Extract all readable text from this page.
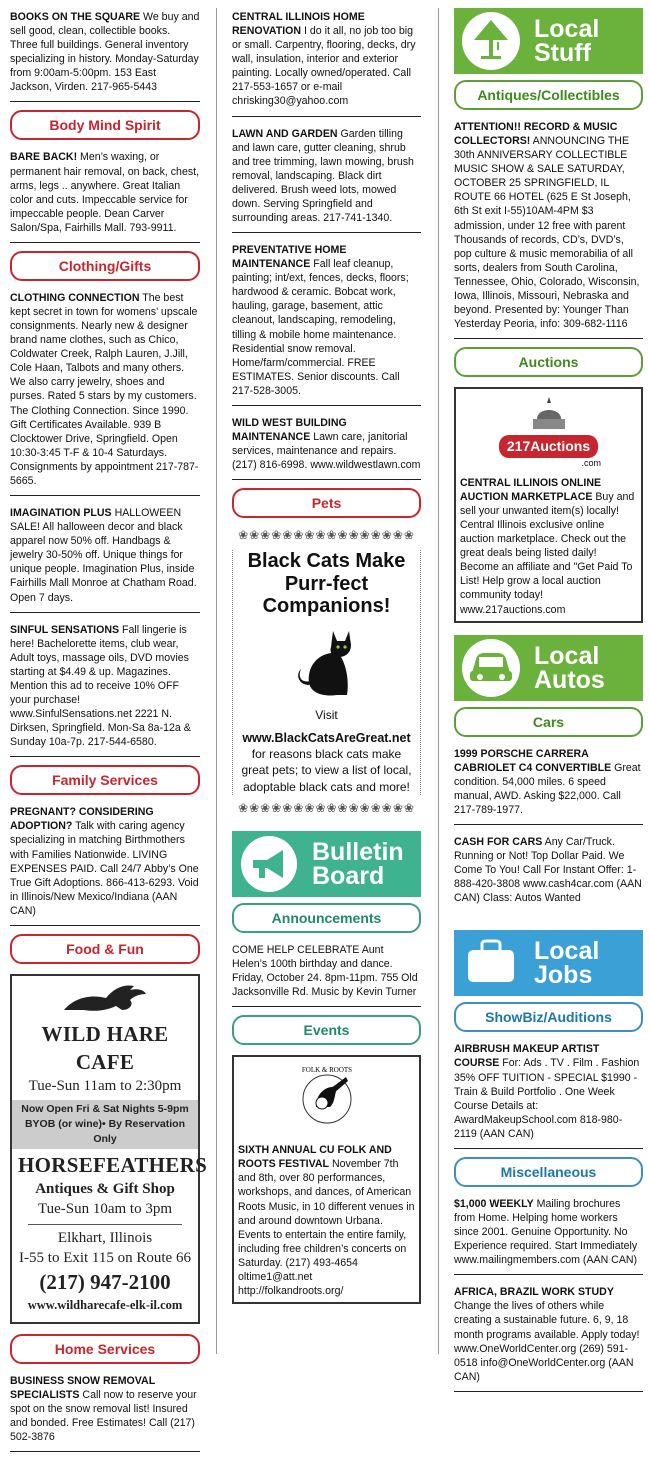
BOOKS ON THE SQUARE We buy and sell good, clean, collectible books. Three full buildings. General inventory specializing in history. Monday-Saturday from 9:00am-5:00pm. 153 East Jackson, Virden. 217-965-5443

Body Mind Spirit

BARE BACK! Men’s waxing, or permanent hair removal, on back, chest, arms, legs .. anywhere. Great Italian color and cuts. Impeccable service for impeccable people. Dean Carver Salon/Spa, Fairhills Mall. 793-9911.

Clothing/Gifts

CLOTHING CONNECTION The best kept secret in town for womens’ upscale consignments. Nearly new & designer brand name clothes, such as Chico, Coldwater Creek, Ralph Lauren, J.Jill, Cole Haan, Talbots and many others. We also carry jewelry, shoes and purses. Rated 5 stars by my customers. The Clothing Connection. Since 1990. Gift Certificates Available. 939 B Clocktower Drive, Springfield. Open 10:30-3:45 T-F & 10-4 Saturdays. Consignments by appointment 217-787-5665.

IMAGINATION PLUS HALLOWEEN SALE! All halloween decor and black apparel now 50% off. Handbags & jewelry 30-50% off. Unique things for unique people. Imagination Plus, inside Fairhills Mall Monroe at Chatham Road. Open 7 days.

SINFUL SENSATIONS Fall lingerie is here! Bachelorette items, club wear, Adult toys, massage oils, DVD movies starting at $4.49 & up. Magazines. Mention this ad to receive 10% OFF your purchase! www.SinfulSensations.net 2221 N. Dirksen, Springfield. Mon-Sa 8a-12a & Sunday 10a-7p. 217-544-6580.

Family Services

PREGNANT? CONSIDERING ADOPTION? Talk with caring agency specializing in matching Birthmothers with Families Nationwide. LIVING EXPENSES PAID. Call 24/7 Abby’s One True Gift Adoptions. 866-413-6293. Void in Illinois/New Mexico/Indiana (AAN CAN)

Food & Fun
WILD HARE CAFE
Tue-Sun 11am to 2:30pm
Now Open Fri & Sat Nights 5-9pm
BYOB (or wine)• By Reservation Only
HORSEFEATHERS
Antiques & Gift Shop
Tue-Sun 10am to 3pm
Elkhart, Illinois
I-55 to Exit 115 on Route 66
(217) 947-2100
www.wildharecafe-elk-il.com
Home Services

BUSINESS SNOW REMOVAL SPECIALISTS Call now to reserve your spot on the snow removal list! Insured and bonded. Free Estimates! Call (217) 502-3876

CENTRAL ILLINOIS HOME RENOVATION I do it all, no job too big or small. Carpentry, flooring, decks, dry wall, insulation, interior and exterior painting. Locally owned/operated. Call 217-553-1657 or e-mail chrisking30@yahoo.com

LAWN AND GARDEN Garden tilling and lawn care, gutter cleaning, shrub and tree trimming, lawn mowing, brush removal, landscaping. Black dirt delivered. Brush weed lots, mowed down. Serving Springfield and surrounding areas. 217-741-1340.

PREVENTATIVE HOME MAINTENANCE Fall leaf cleanup, painting; int/ext, fences, decks, floors; hardwood & ceramic. Bobcat work, hauling, garage, basement, attic cleanout, landscaping, remodeling, tilling & mobile home maintenance. Residential snow removal. Home/farm/commercial. FREE ESTIMATES. Senior discounts. Call 217-528-3005.

WILD WEST BUILDING MAINTENANCE Lawn care, janitorial services, maintenance and repairs. (217) 816-6998. www.wildwestlawn.com

Pets
❀❀❀❀❀❀❀❀❀❀❀❀❀❀❀❀
Black Cats Make Purr-fect Companions!
Visit
www.BlackCatsAreGreat.net
for reasons black cats make great pets; to view a list of local, adoptable black cats and more!
❀❀❀❀❀❀❀❀❀❀❀❀❀❀❀❀
Bulletin Board
Announcements

COME HELP CELEBRATE Aunt Helen’s 100th birthday and dance. Friday, October 24. 8pm-11pm. 755 Old Jacksonville Rd. Music by Kevin Turner

Events
FOLK & ROOTS

SIXTH ANNUAL CU FOLK AND ROOTS FESTIVAL November 7th and 8th, over 80 performances, workshops, and dances, of American Roots Music, in 10 different venues in and around downtown Urbana. Events to entertain the entire family, including free children’s concerts on Saturday. (217) 493-4654 oltime1@att.net http://folkandroots.org/

Local Stuff
Antiques/Collectibles

ATTENTION!! RECORD & MUSIC COLLECTORS! ANNOUNCING THE 30th ANNIVERSARY COLLECTIBLE MUSIC SHOW & SALE SATURDAY, OCTOBER 25 SPRINGFIELD, IL ROUTE 66 HOTEL (625 E St Joseph, 6th St exit I-55)10AM-4PM $3 admission, under 12 free with parent Thousands of records, CD’s, DVD’s, pop culture & music memorabilia of all sorts, dealers from South Carolina, Tennessee, Ohio, Colorado, Wisconsin, Iowa, Illinois, Missouri, Nebraska and beyond. Presented by: Younger Than Yesterday Peoria, info: 309-682-1116

Auctions
217Auctions
.com

CENTRAL ILLINOIS ONLINE AUCTION MARKETPLACE Buy and sell your unwanted item(s) locally! Central Illinois exclusive online auction marketplace. Check out the great deals being listed daily! Become an affiliate and "Get Paid To List! Help grow a local auction community today! www.217auctions.com

Local Autos
Cars

1999 PORSCHE CARRERA CABRIOLET C4 CONVERTIBLE Great condition. 54,000 miles. 6 speed manual, AWD. Asking $22,000. Call 217-789-1977.

CASH FOR CARS Any Car/Truck. Running or Not! Top Dollar Paid. We Come To You! Call For Instant Offer: 1-888-420-3808 www.cash4car.com (AAN CAN) Class: Autos Wanted

Local Jobs
ShowBiz/Auditions

AIRBRUSH MAKEUP ARTIST COURSE For: Ads . TV . Film . Fashion 35% OFF TUITION - SPECIAL $1990 - Train & Build Portfolio . One Week Course Details at: AwardMakeupSchool.com 818-980-2119 (AAN CAN)

Miscellaneous

$1,000 WEEKLY Mailing brochures from Home. Helping home workers since 2001. Genuine Opportunity. No Experience required. Start Immediately www.mailingmembers.com (AAN CAN)

AFRICA, BRAZIL WORK STUDY Change the lives of others while creating a sustainable future. 6, 9, 18 month programs available. Apply today! www.OneWorldCenter.org (269) 591-0518 info@OneWorldCenter.org (AAN CAN)
